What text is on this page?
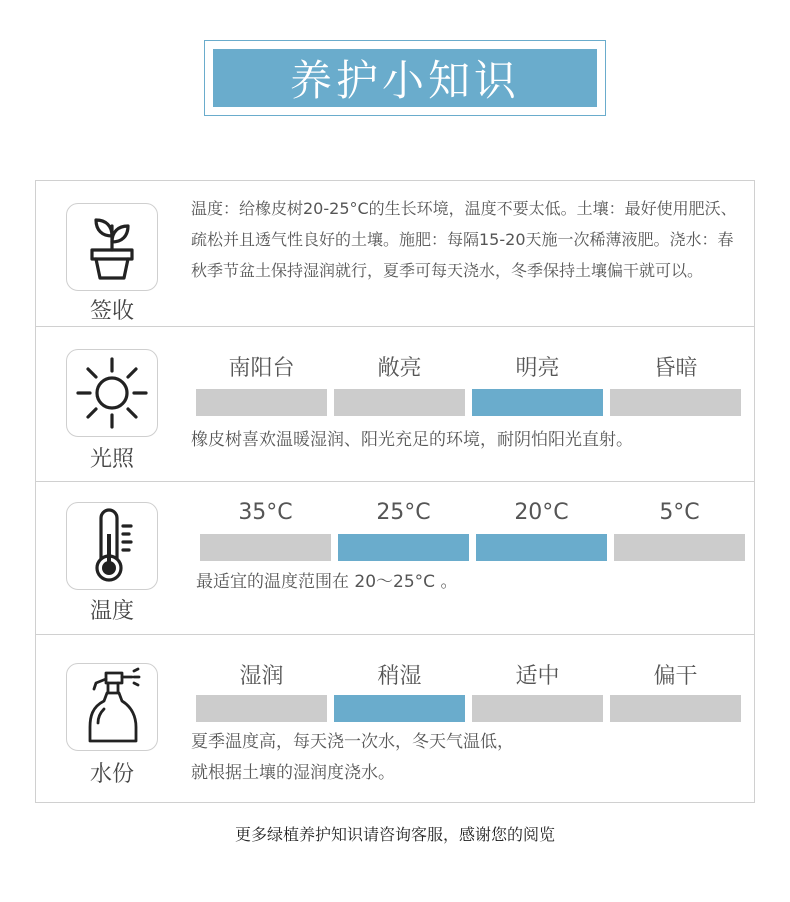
养护小知识
签收
温度：给橡皮树20-25°C的生长环境，温度不要太低。土壤：最好使用肥沃、疏松并且透气性良好的土壤。施肥：每隔15-20天施一次稀薄液肥。浇水：春秋季节盆土保持湿润就行，夏季可每天浇水，冬季保持土壤偏干就可以。
光照
南阳台	敞亮	明亮	昏暗
橡皮树喜欢温暖湿润、阳光充足的环境，耐阴怕阳光直射。
温度
35°C	25°C	20°C	5°C
最适宜的温度范围在 20～25°C 。
水份
湿润	稍湿	适中	偏干
夏季温度高，每天浇一次水，冬天气温低，就根据土壤的湿润度浇水。
更多绿植养护知识请咨询客服，感谢您的阅览
